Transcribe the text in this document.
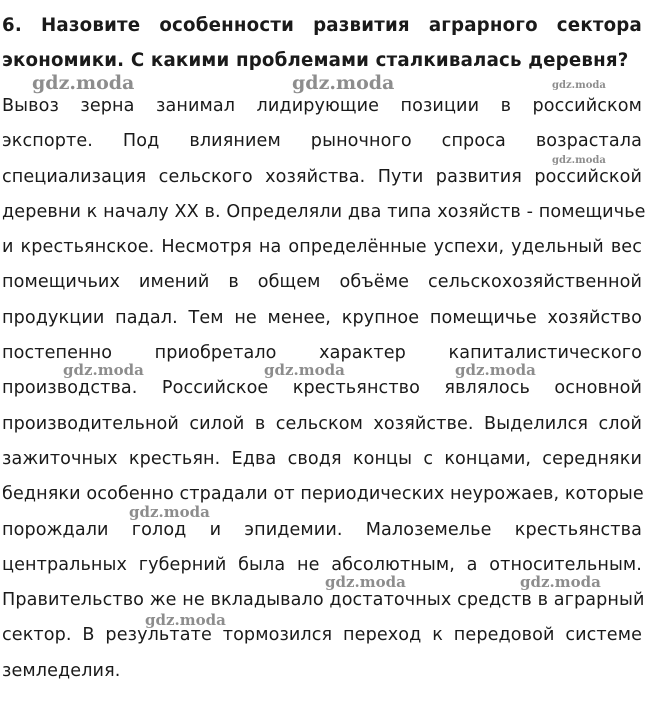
6. Назовите особенности развития аграрного сектора
экономики. С какими проблемами сталкивалась деревня?
Вывоз зерна занимал лидирующие позиции в российском
экспорте. Под влиянием рыночного спроса возрастала
специализация сельского хозяйства. Пути развития российской
деревни к началу XX в. Определяли два типа хозяйств - помещичье
и крестьянское. Несмотря на определённые успехи, удельный вес
помещичьих имений в общем объёме сельскохозяйственной
продукции падал. Тем не менее, крупное помещичье хозяйство
постепенно приобретало характер капиталистического
производства. Российское крестьянство являлось основной
производительной силой в сельском хозяйстве. Выделился слой
зажиточных крестьян. Едва сводя концы с концами, середняки
бедняки особенно страдали от периодических неурожаев, которые
порождали голод и эпидемии. Малоземелье крестьянства
центральных губерний была не абсолютным, а относительным.
Правительство же не вкладывало достаточных средств в аграрный
сектор. В результате тормозился переход к передовой системе
земледелия.
gdz.moda	gdz.moda	gdz.moda
gdz.moda
gdz.moda	gdz.moda	gdz.moda
gdz.moda
gdz.moda	gdz.moda
gdz.moda
